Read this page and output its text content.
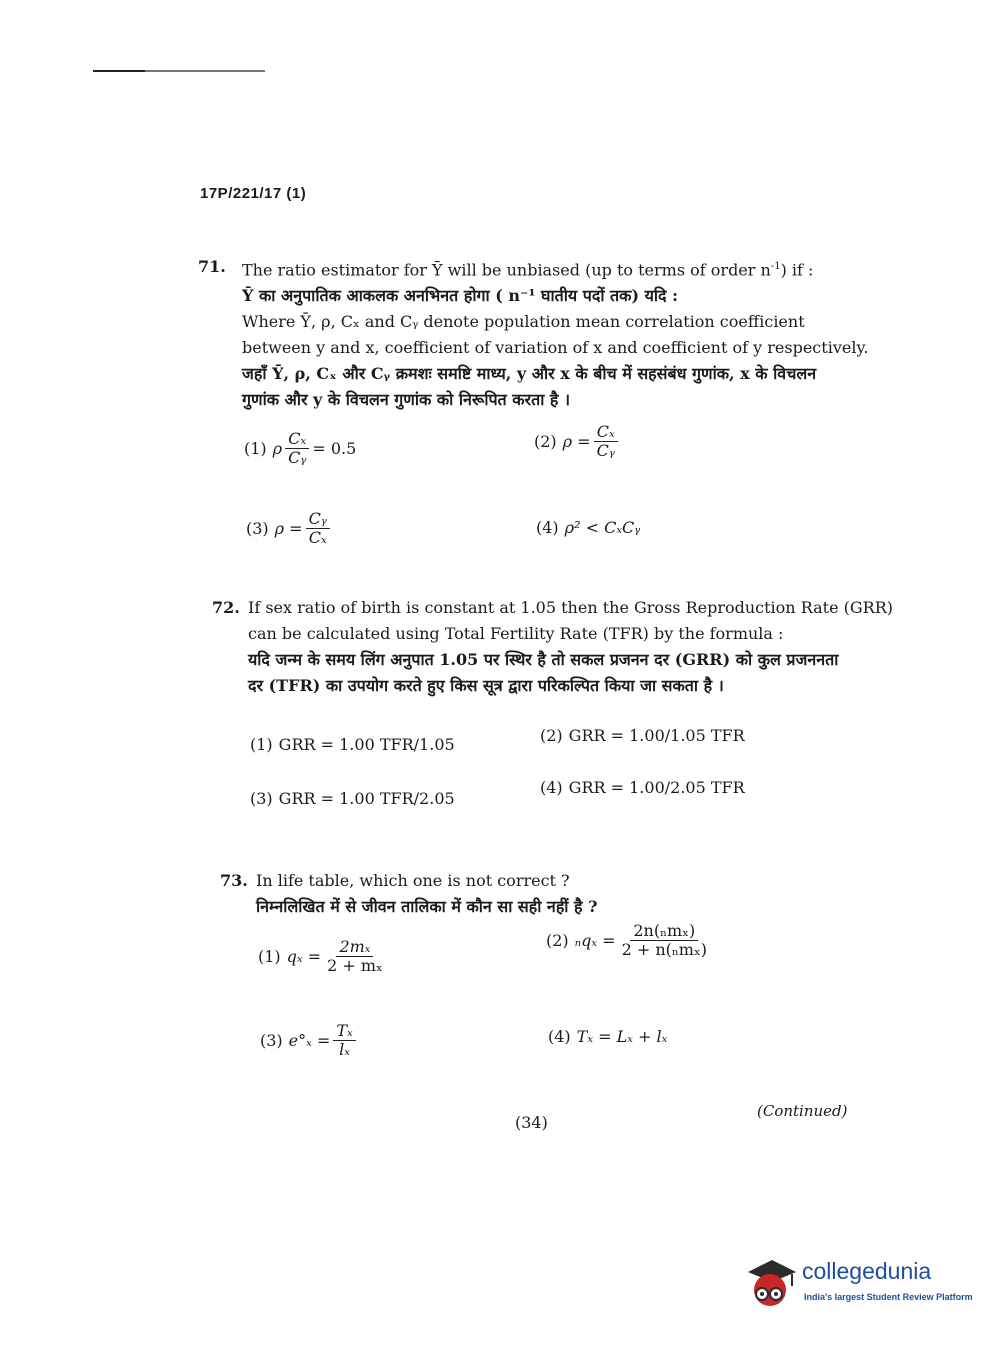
17P/221/17 (1)
71. The ratio estimator for Ȳ will be unbiased (up to terms of order $n^{-1}$) if :
Ȳ का अनुपातिक आकलक अनभिनत होगा ( n⁻¹ घातीय पदों तक) यदि :
Where Ȳ, ρ, Cₓ and Cᵧ denote population mean correlation coefficient
between y and x, coefficient of variation of x and coefficient of y respectively.
जहाँ Ȳ, ρ, Cₓ और Cᵧ क्रमशः समष्टि माध्य, y और x के बीच में सहसंबंध गुणांक, x के विचलन
गुणांक और y के विचलन गुणांक को निरूपित करता है ।
(1) ρ $\frac{\text{Cₓ}}{\text{Cᵧ}} = 0.5$	(2) $\rho = \frac{\text{Cₓ}}{\text{Cᵧ}}$
(3) $\rho = \frac{\text{Cᵧ}}{\text{Cₓ}}$	(4) ρ² < CₓCᵧ
72. If sex ratio of birth is constant at 1.05 then the Gross Reproduction Rate (GRR)
can be calculated using Total Fertility Rate (TFR) by the formula :
यदि जन्म के समय लिंग अनुपात 1.05 पर स्थिर है तो सकल प्रजनन दर (GRR) को कुल प्रजननता
दर (TFR) का उपयोग करते हुए किस सूत्र द्वारा परिकल्पित किया जा सकता है ।
(1) GRR = 1.00 TFR/1.05	(2) GRR = 1.00/1.05 TFR
(3) GRR = 1.00 TFR/2.05
(4) GRR = 1.00/2.05 TFR
73. In life table, which one is not correct ?
निम्नलिखित में से जीवन तालिका में कौन सा सही नहीं है ?
(1) $q_x = \frac{\text{2mₓ}}{\text{2 + mₓ}}$	(2) $_nq_x = \frac{\text{2n(ₙmₓ)}}{\text{2 + n(ₙmₓ)}}$
(3) $e^\circ_x = \frac{\text{Tₓ}}{\text{lₓ}}$	(4) Tₓ = Lₓ + lₓ
(34)
(Continued)
collegedunia
India's largest Student Review Platform
